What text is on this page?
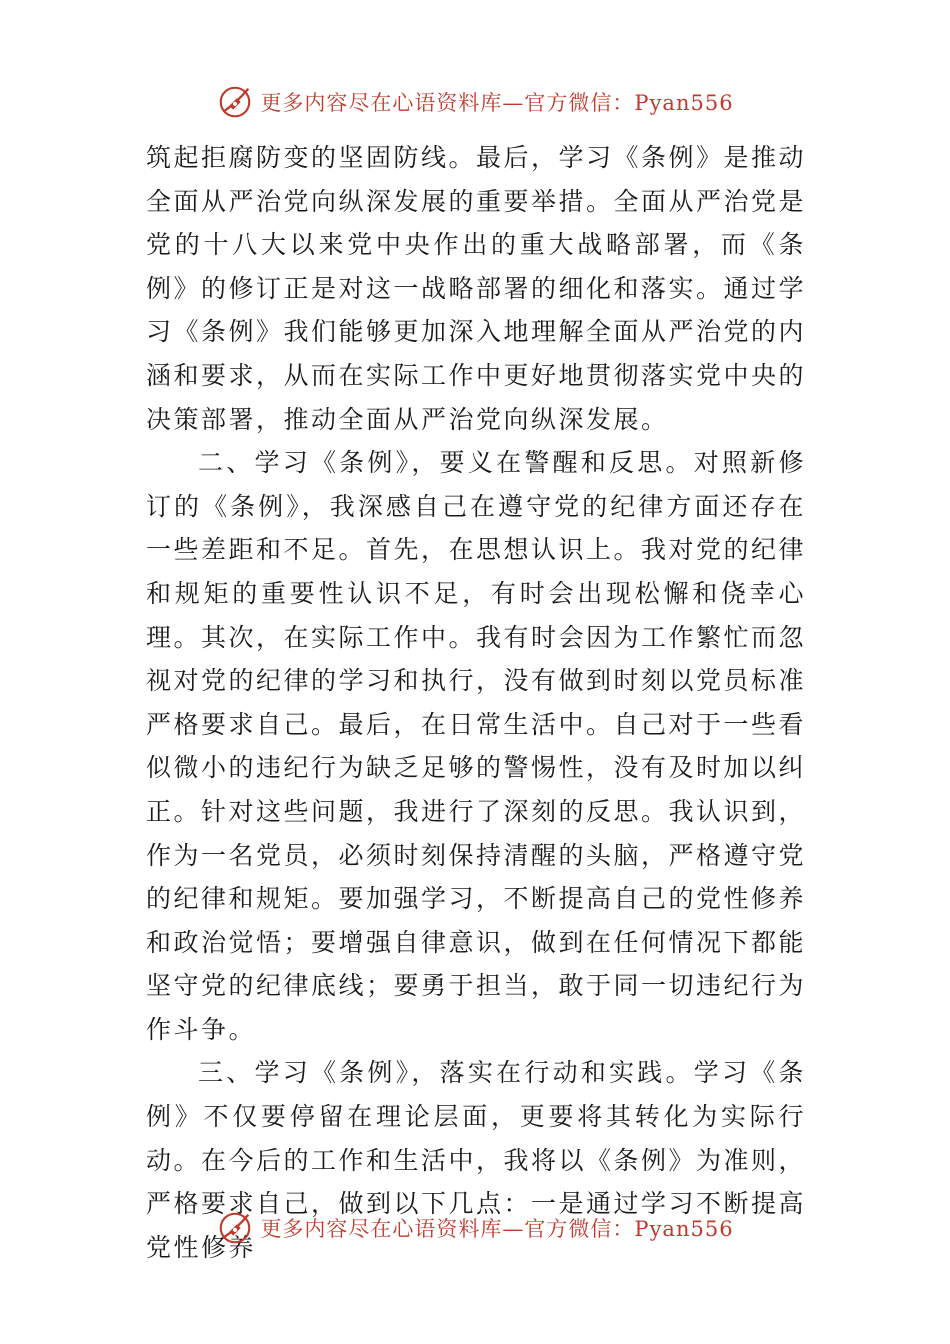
更多内容尽在心语资料库—官方微信：Pyan556

筑起拒腐防变的坚固防线。最后，学习《条例》是推动全面从严治党向纵深发展的重要举措。全面从严治党是党的十八大以来党中央作出的重大战略部署，而《条例》的修订正是对这一战略部署的细化和落实。通过学习《条例》我们能够更加深入地理解全面从严治党的内涵和要求，从而在实际工作中更好地贯彻落实党中央的决策部署，推动全面从严治党向纵深发展。

二、学习《条例》，要义在警醒和反思。对照新修订的《条例》，我深感自己在遵守党的纪律方面还存在一些差距和不足。首先，在思想认识上。我对党的纪律和规矩的重要性认识不足，有时会出现松懈和侥幸心理。其次，在实际工作中。我有时会因为工作繁忙而忽视对党的纪律的学习和执行，没有做到时刻以党员标准严格要求自己。最后，在日常生活中。自己对于一些看似微小的违纪行为缺乏足够的警惕性，没有及时加以纠正。针对这些问题，我进行了深刻的反思。我认识到，作为一名党员，必须时刻保持清醒的头脑，严格遵守党的纪律和规矩。要加强学习，不断提高自己的党性修养和政治觉悟；要增强自律意识，做到在任何情况下都能坚守党的纪律底线；要勇于担当，敢于同一切违纪行为作斗争。

三、学习《条例》，落实在行动和实践。学习《条例》不仅要停留在理论层面，更要将其转化为实际行动。在今后的工作和生活中，我将以《条例》为准则，严格要求自己，做到以下几点：一是通过学习不断提高党性修养

更多内容尽在心语资料库—官方微信：Pyan556
